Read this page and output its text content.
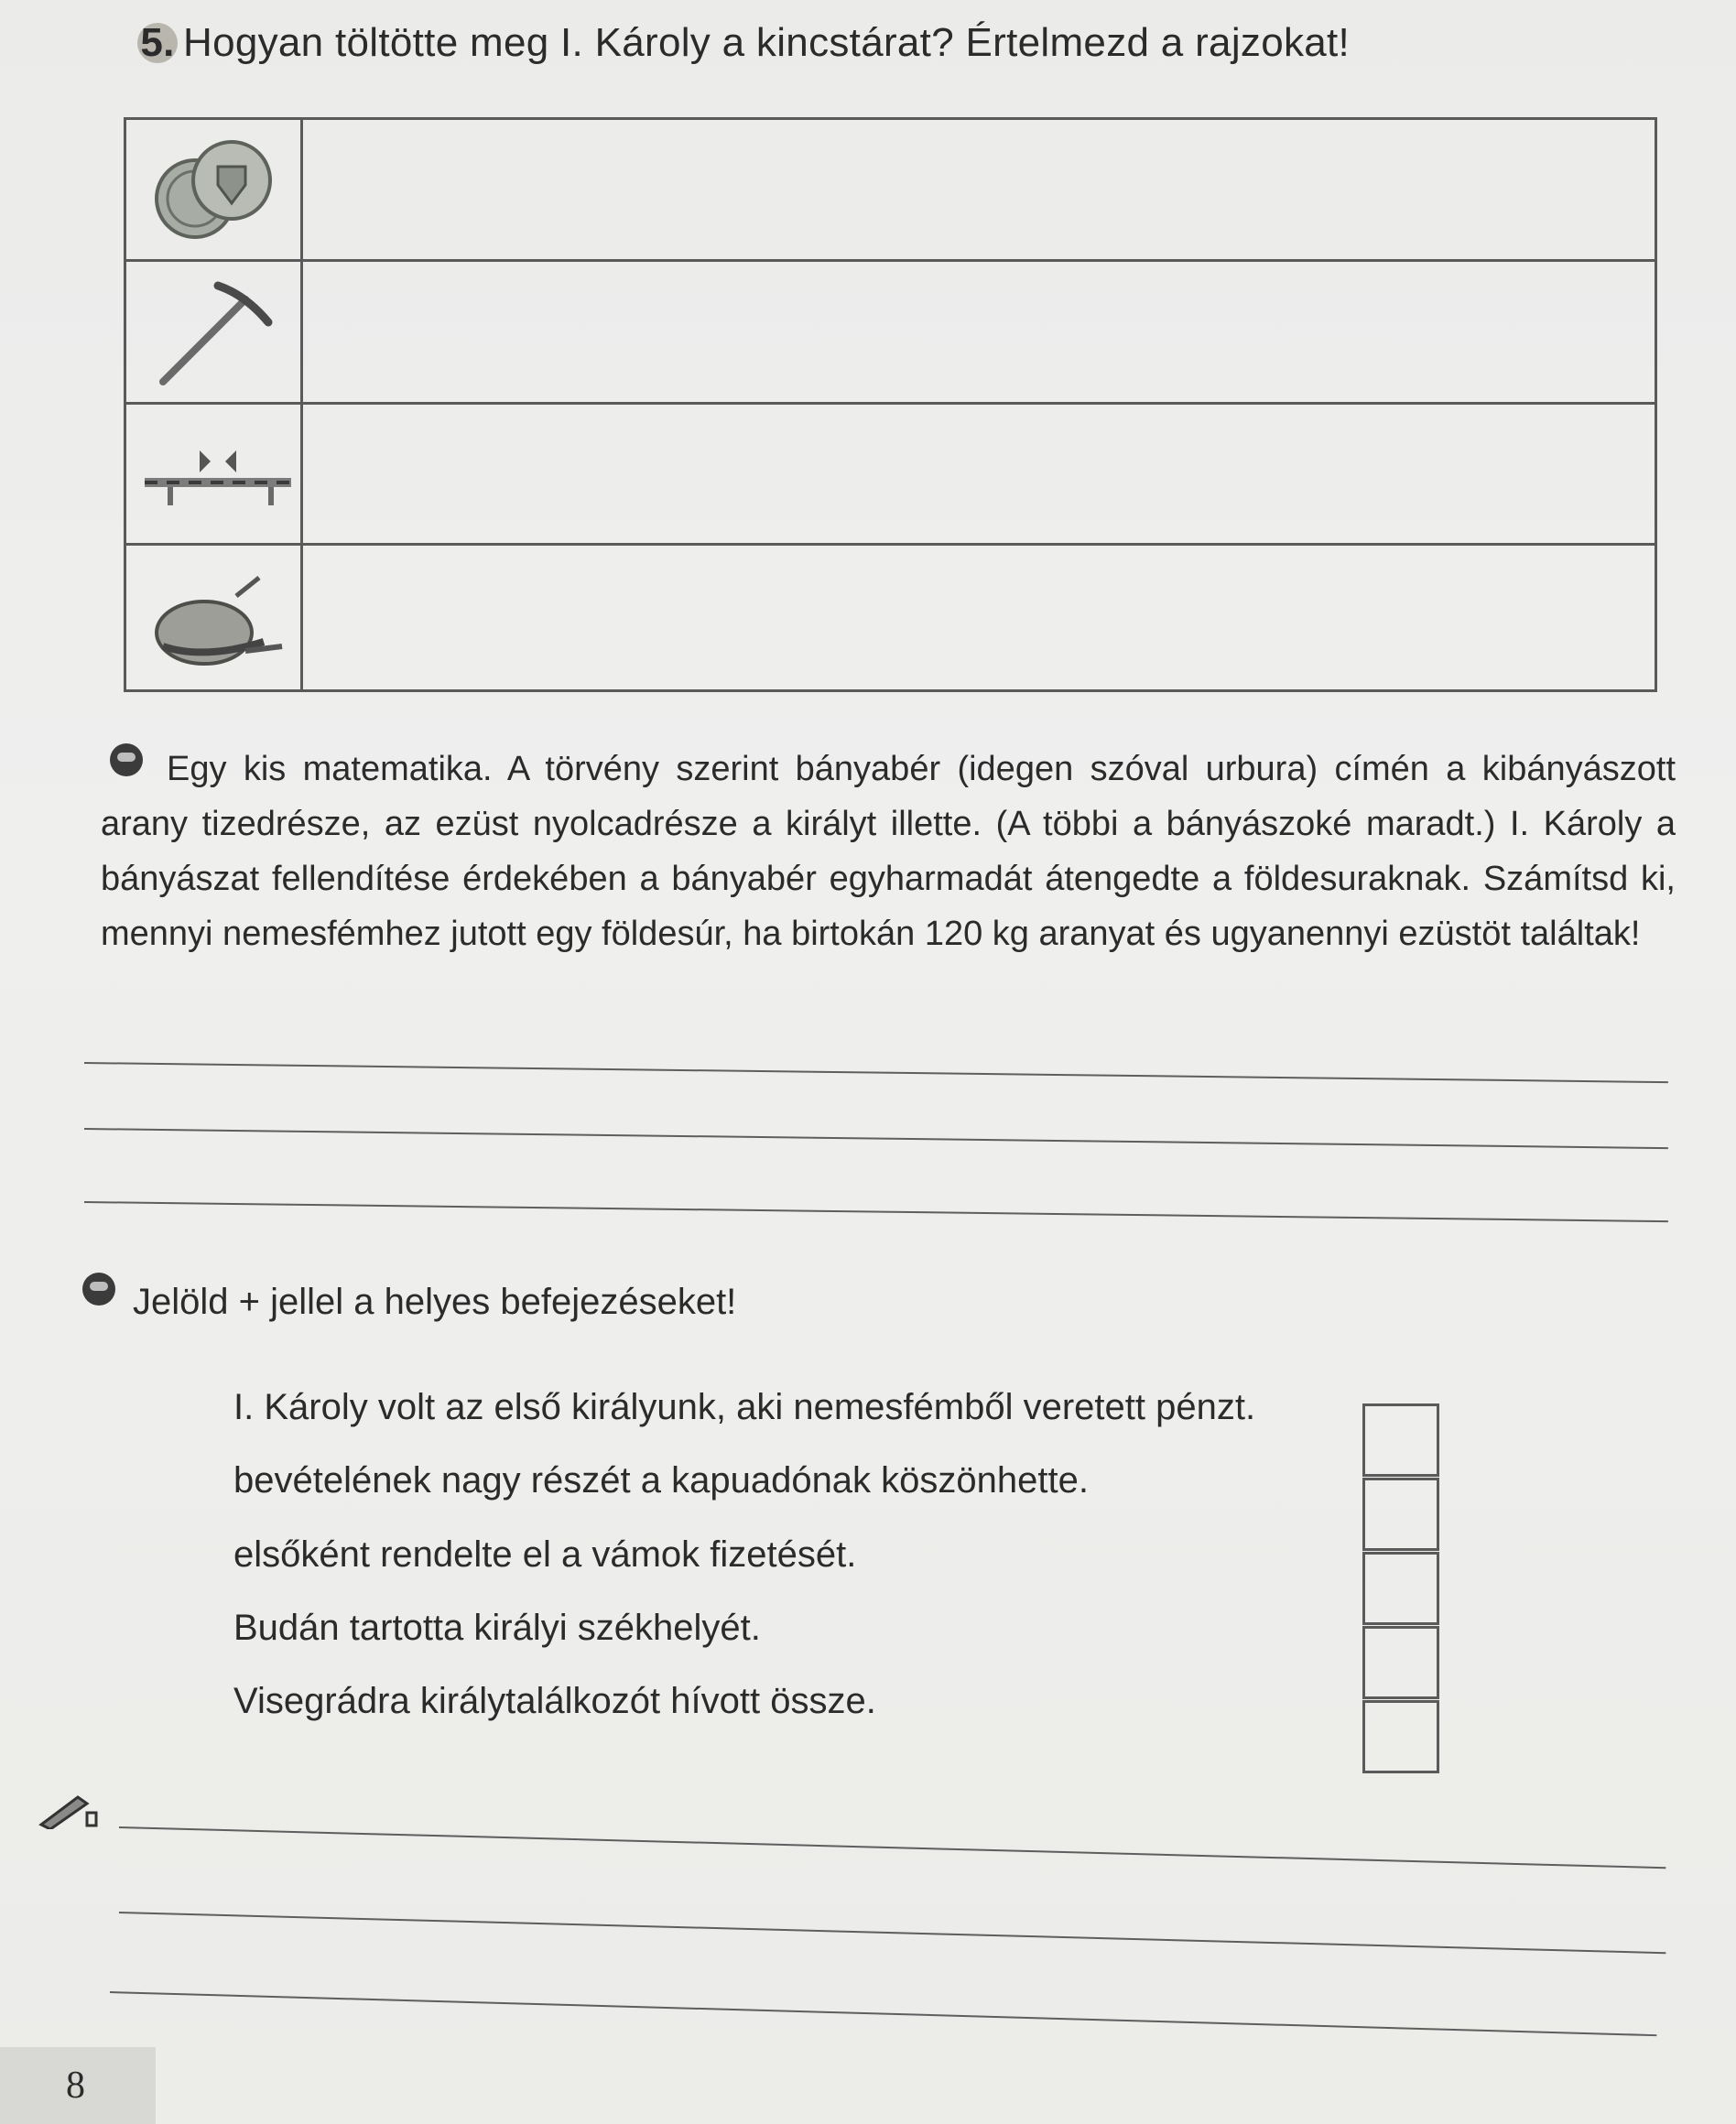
5. Hogyan töltötte meg I. Károly a kincstárat? Értelmezd a rajzokat!
Egy kis matematika. A törvény szerint bányabér (idegen szóval urbura) címén a kibányászott arany tizedrésze, az ezüst nyolcadrésze a királyt illette. (A többi a bányászoké maradt.) I. Károly a bányászat fellendítése érdekében a bányabér egyharmadát átengedte a földesuraknak. Számítsd ki, mennyi nemesfémhez jutott egy földesúr, ha birtokán 120 kg aranyat és ugyanennyi ezüstöt találtak!
Jelöld + jellel a helyes befejezéseket!
I. Károly volt az első királyunk, aki nemesfémből veretett pénzt.
bevételének nagy részét a kapuadónak köszönhette.
elsőként rendelte el a vámok fizetését.
Budán tartotta királyi székhelyét.
Visegrádra királytalálkozót hívott össze.
8
